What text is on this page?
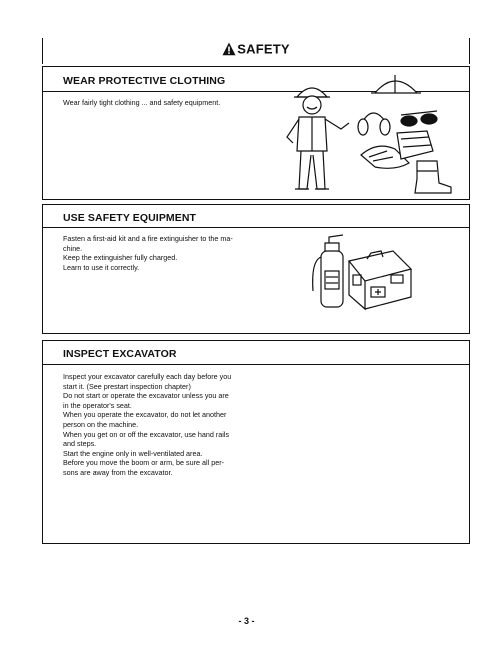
SAFETY
WEAR PROTECTIVE CLOTHING
Wear fairly tight clothing ... and safety equipment.
USE SAFETY EQUIPMENT
Fasten a first-aid kit and a fire extinguisher to the ma-
chine.
Keep the extinguisher fully charged.
Learn to use it correctly.
INSPECT EXCAVATOR
Inspect your excavator carefully each day before you
start it. (See prestart inspection chapter)
Do not start or operate the excavator unless you are
in the operator's seat.
When you operate the excavator, do not let another
person on the machine.
When you get on or off the excavator, use hand rails
and steps.
Start the engine only in well-ventilated area.
Before you move the boom or arm, be sure all per-
sons are away from the excavator.
- 3 -
